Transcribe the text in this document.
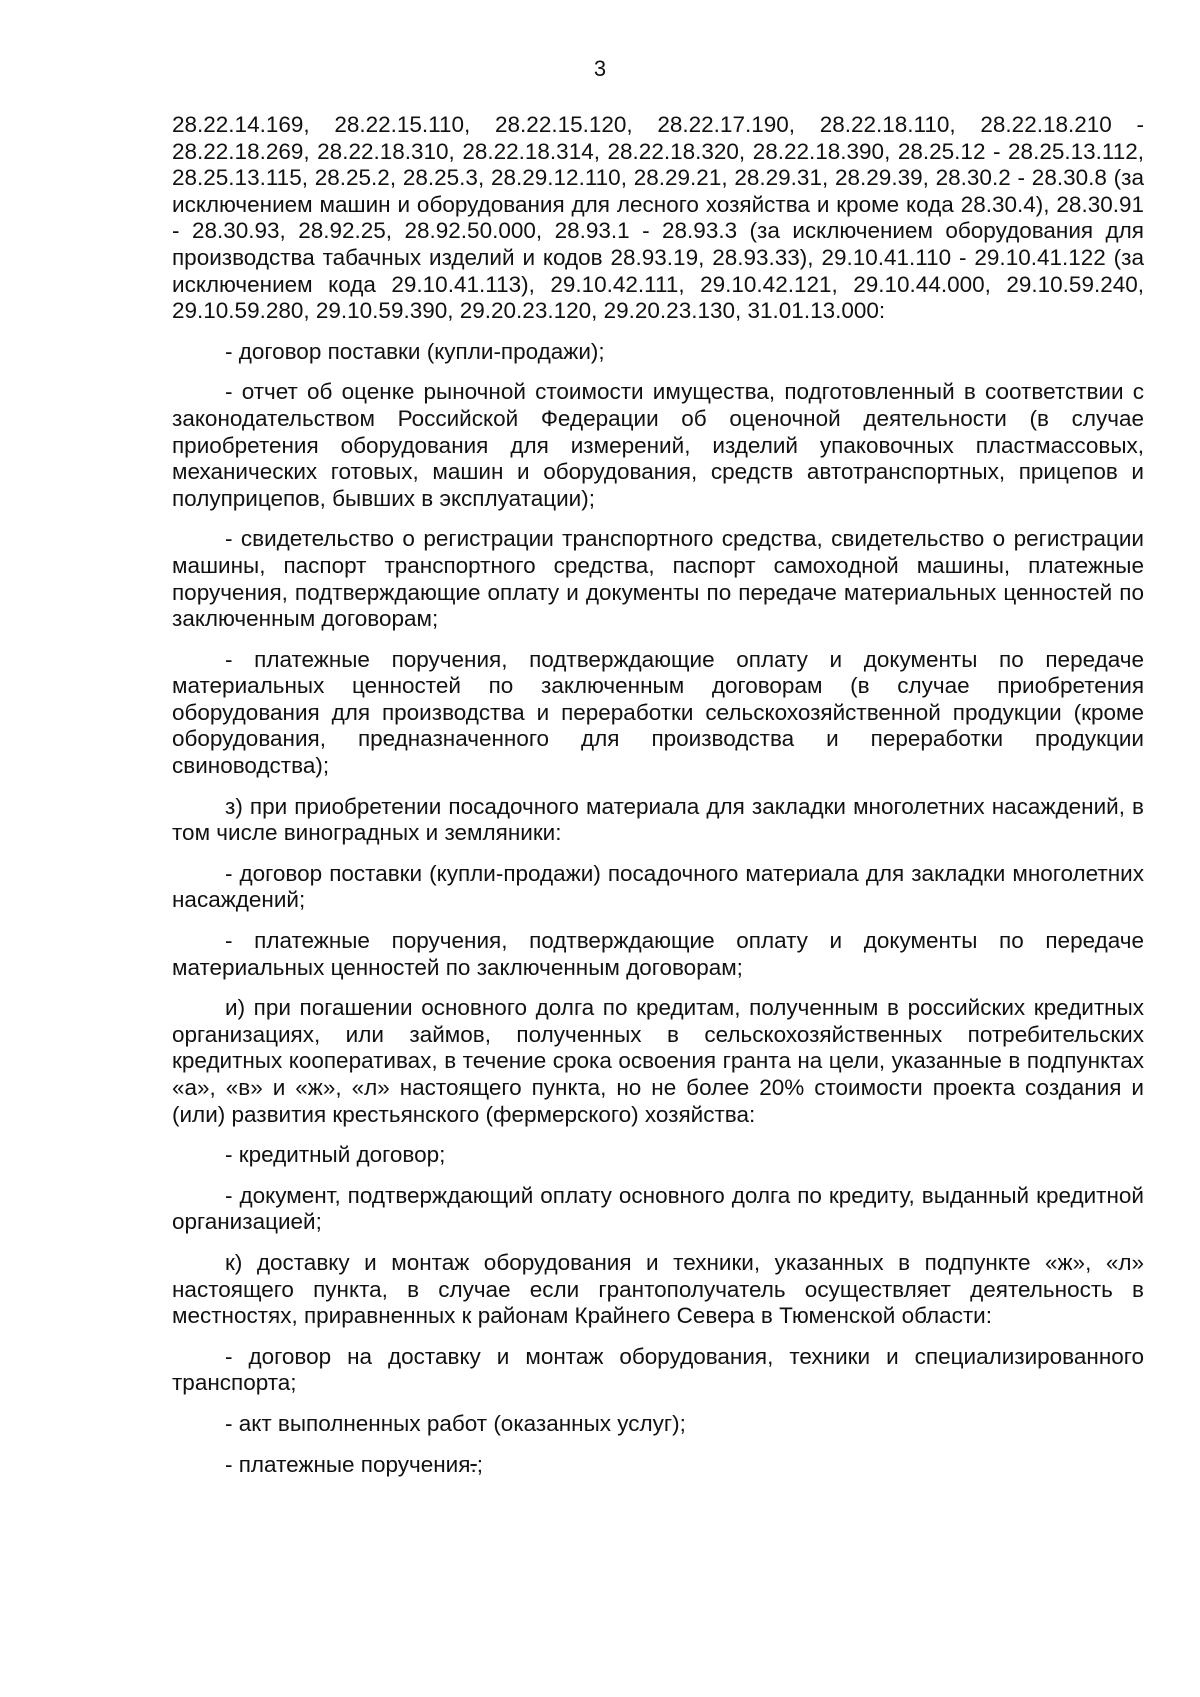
3

28.22.14.169, 28.22.15.110, 28.22.15.120, 28.22.17.190, 28.22.18.110, 28.22.18.210 - 28.22.18.269, 28.22.18.310, 28.22.18.314, 28.22.18.320, 28.22.18.390, 28.25.12 - 28.25.13.112, 28.25.13.115, 28.25.2, 28.25.3, 28.29.12.110, 28.29.21, 28.29.31, 28.29.39, 28.30.2 - 28.30.8 (за исключением машин и оборудования для лесного хозяйства и кроме кода 28.30.4), 28.30.91 - 28.30.93, 28.92.25, 28.92.50.000, 28.93.1 - 28.93.3 (за исключением оборудования для производства табачных изделий и кодов 28.93.19, 28.93.33), 29.10.41.110 - 29.10.41.122 (за исключением кода 29.10.41.113), 29.10.42.111, 29.10.42.121, 29.10.44.000, 29.10.59.240, 29.10.59.280, 29.10.59.390, 29.20.23.120, 29.20.23.130, 31.01.13.000:

- договор поставки (купли-продажи);

- отчет об оценке рыночной стоимости имущества, подготовленный в соответствии с законодательством Российской Федерации об оценочной деятельности (в случае приобретения оборудования для измерений, изделий упаковочных пластмассовых, механических готовых, машин и оборудования, средств автотранспортных, прицепов и полуприцепов, бывших в эксплуатации);

- свидетельство о регистрации транспортного средства, свидетельство о регистрации машины, паспорт транспортного средства, паспорт самоходной машины, платежные поручения, подтверждающие оплату и документы по передаче материальных ценностей по заключенным договорам;

- платежные поручения, подтверждающие оплату и документы по передаче материальных ценностей по заключенным договорам (в случае приобретения оборудования для производства и переработки сельскохозяйственной продукции (кроме оборудования, предназначенного для производства и переработки продукции свиноводства);

з) при приобретении посадочного материала для закладки многолетних насаждений, в том числе виноградных и земляники:

- договор поставки (купли-продажи) посадочного материала для закладки многолетних насаждений;

- платежные поручения, подтверждающие оплату и документы по передаче материальных ценностей по заключенным договорам;

и) при погашении основного долга по кредитам, полученным в российских кредитных организациях, или займов, полученных в сельскохозяйственных потребительских кредитных кооперативах, в течение срока освоения гранта на цели, указанные в подпунктах «а», «в» и «ж», «л» настоящего пункта, но не более 20% стоимости проекта создания и (или) развития крестьянского (фермерского) хозяйства:

- кредитный договор;

- документ, подтверждающий оплату основного долга по кредиту, выданный кредитной организацией;

к) доставку и монтаж оборудования и техники, указанных в подпункте «ж», «л» настоящего пункта, в случае если грантополучатель осуществляет деятельность в местностях, приравненных к районам Крайнего Севера в Тюменской области:

- договор на доставку и монтаж оборудования, техники и специализированного транспорта;

- акт выполненных работ (оказанных услуг);

- платежные поручения.;
